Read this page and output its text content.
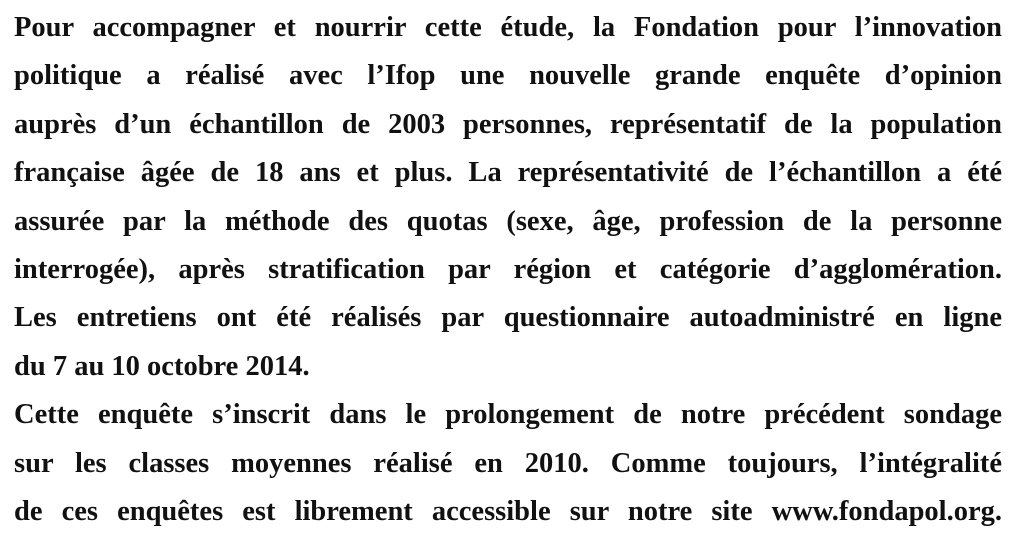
Pour accompagner et nourrir cette étude, la Fondation pour l’innovation
politique a réalisé avec l’Ifop une nouvelle grande enquête d’opinion
auprès d’un échantillon de 2003 personnes, représentatif de la population
française âgée de 18 ans et plus. La représentativité de l’échantillon a été
assurée par la méthode des quotas (sexe, âge, profession de la personne
interrogée), après stratification par région et catégorie d’agglomération.
Les entretiens ont été réalisés par questionnaire autoadministré en ligne
du 7 au 10 octobre 2014.

Cette enquête s’inscrit dans le prolongement de notre précédent sondage
sur les classes moyennes réalisé en 2010. Comme toujours, l’intégralité
de ces enquêtes est librement accessible sur notre site www.fondapol.org.
